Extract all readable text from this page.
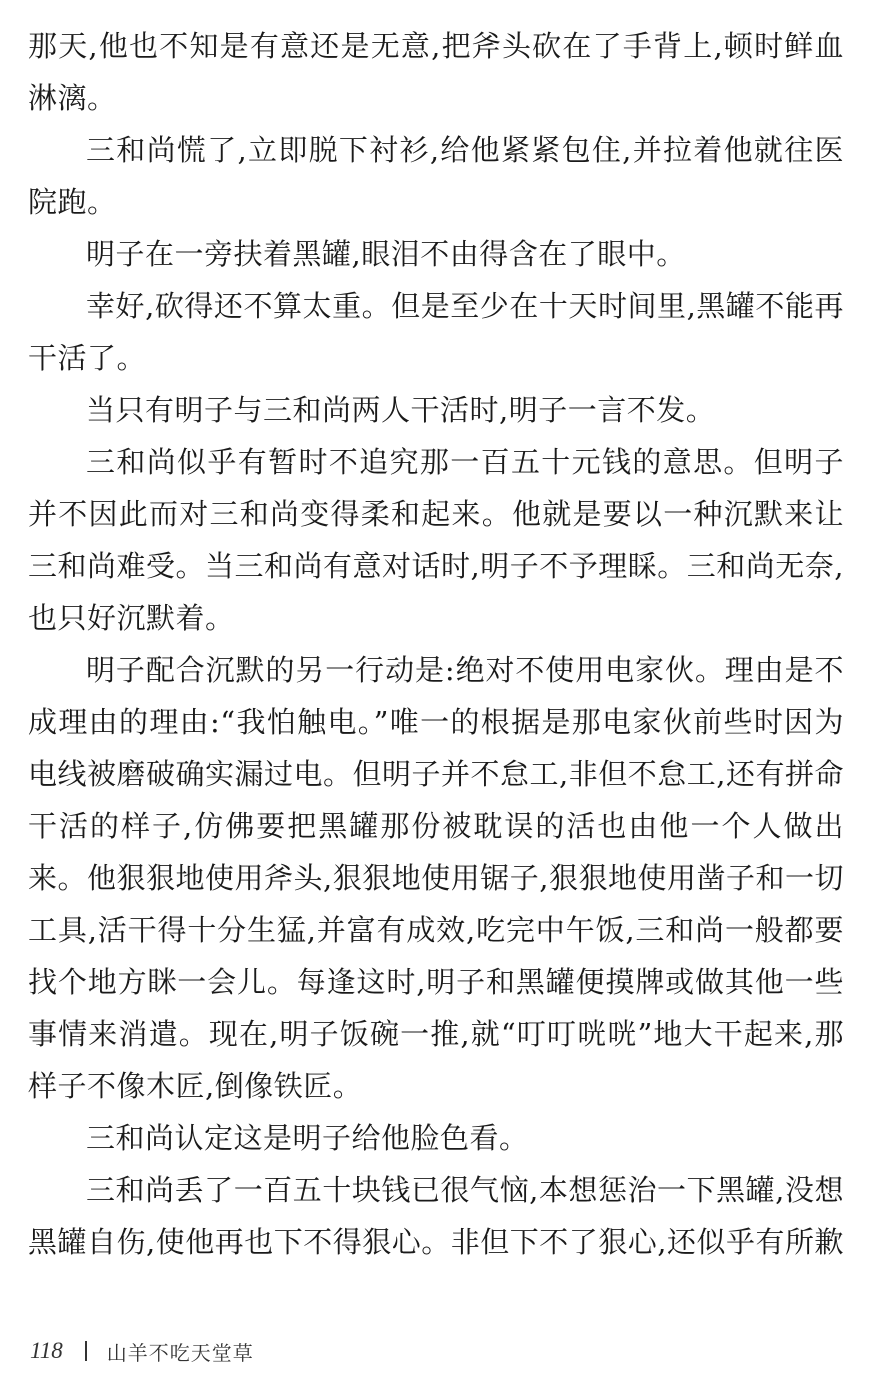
那天,他也不知是有意还是无意,把斧头砍在了手背上,顿时鲜血淋漓。

三和尚慌了,立即脱下衬衫,给他紧紧包住,并拉着他就往医院跑。

明子在一旁扶着黑罐,眼泪不由得含在了眼中。

幸好,砍得还不算太重。但是至少在十天时间里,黑罐不能再干活了。

当只有明子与三和尚两人干活时,明子一言不发。

三和尚似乎有暂时不追究那一百五十元钱的意思。但明子并不因此而对三和尚变得柔和起来。他就是要以一种沉默来让三和尚难受。当三和尚有意对话时,明子不予理睬。三和尚无奈,也只好沉默着。

明子配合沉默的另一行动是:绝对不使用电家伙。理由是不成理由的理由:“我怕触电。”唯一的根据是那电家伙前些时因为电线被磨破确实漏过电。但明子并不怠工,非但不怠工,还有拼命干活的样子,仿佛要把黑罐那份被耽误的活也由他一个人做出来。他狠狠地使用斧头,狠狠地使用锯子,狠狠地使用凿子和一切工具,活干得十分生猛,并富有成效,吃完中午饭,三和尚一般都要找个地方眯一会儿。每逢这时,明子和黑罐便摸牌或做其他一些事情来消遣。现在,明子饭碗一推,就“叮叮咣咣”地大干起来,那样子不像木匠,倒像铁匠。

三和尚认定这是明子给他脸色看。

三和尚丢了一百五十块钱已很气恼,本想惩治一下黑罐,没想黑罐自伤,使他再也下不得狠心。非但下不了狠心,还似乎有所歉

118 山羊不吃天堂草
